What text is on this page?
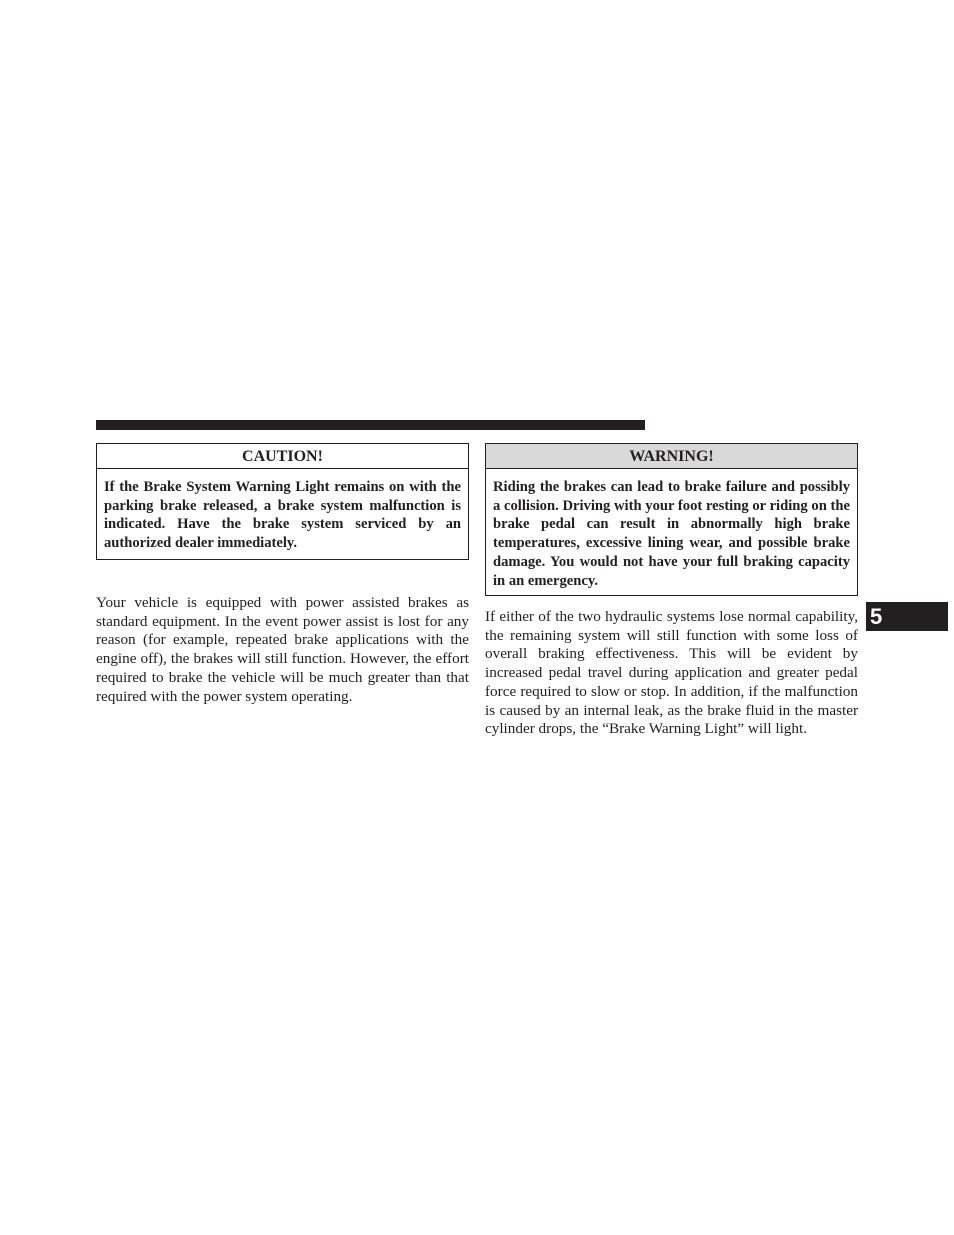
CAUTION!
If the Brake System Warning Light remains on with the parking brake released, a brake system malfunction is indicated. Have the brake system serviced by an authorized dealer immediately.

Your vehicle is equipped with power assisted brakes as standard equipment. In the event power assist is lost for any reason (for example, repeated brake applications with the engine off), the brakes will still function. However, the effort required to brake the vehicle will be much greater than that required with the power system operating.

WARNING!
Riding the brakes can lead to brake failure and possibly a collision. Driving with your foot resting or riding on the brake pedal can result in abnormally high brake temperatures, excessive lining wear, and possible brake damage. You would not have your full braking capacity in an emergency.

If either of the two hydraulic systems lose normal capability, the remaining system will still function with some loss of overall braking effectiveness. This will be evident by increased pedal travel during application and greater pedal force required to slow or stop. In addition, if the malfunction is caused by an internal leak, as the brake fluid in the master cylinder drops, the “Brake Warning Light” will light.

5
